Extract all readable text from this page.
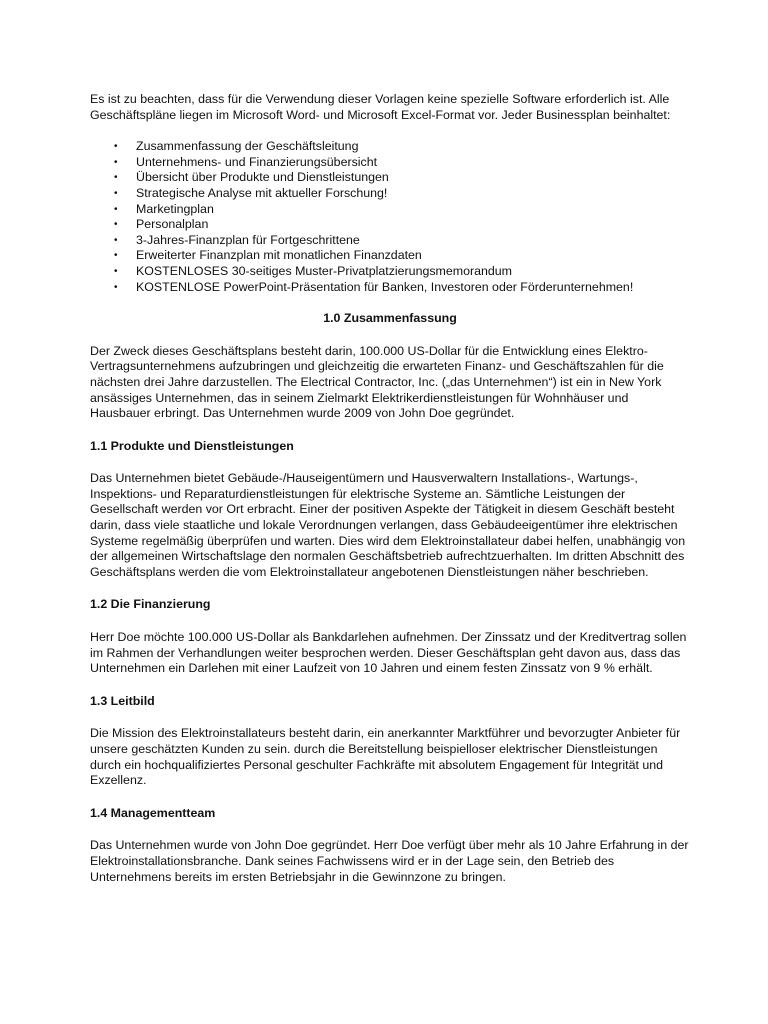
Es ist zu beachten, dass für die Verwendung dieser Vorlagen keine spezielle Software erforderlich ist. Alle Geschäftspläne liegen im Microsoft Word- und Microsoft Excel-Format vor. Jeder Businessplan beinhaltet:

• Zusammenfassung der Geschäftsleitung
• Unternehmens- und Finanzierungsübersicht
• Übersicht über Produkte und Dienstleistungen
• Strategische Analyse mit aktueller Forschung!
• Marketingplan
• Personalplan
• 3-Jahres-Finanzplan für Fortgeschrittene
• Erweiterter Finanzplan mit monatlichen Finanzdaten
• KOSTENLOSES 30-seitiges Muster-Privatplatzierungsmemorandum
• KOSTENLOSE PowerPoint-Präsentation für Banken, Investoren oder Förderunternehmen!

1.0 Zusammenfassung

Der Zweck dieses Geschäftsplans besteht darin, 100.000 US-Dollar für die Entwicklung eines Elektro-Vertragsunternehmens aufzubringen und gleichzeitig die erwarteten Finanz- und Geschäftszahlen für die nächsten drei Jahre darzustellen. The Electrical Contractor, Inc. („das Unternehmen“) ist ein in New York ansässiges Unternehmen, das in seinem Zielmarkt Elektrikerdienstleistungen für Wohnhäuser und Hausbauer erbringt. Das Unternehmen wurde 2009 von John Doe gegründet.

1.1 Produkte und Dienstleistungen

Das Unternehmen bietet Gebäude-/Hauseigentümern und Hausverwaltern Installations-, Wartungs-, Inspektions- und Reparaturdienstleistungen für elektrische Systeme an. Sämtliche Leistungen der Gesellschaft werden vor Ort erbracht. Einer der positiven Aspekte der Tätigkeit in diesem Geschäft besteht darin, dass viele staatliche und lokale Verordnungen verlangen, dass Gebäudeeigentümer ihre elektrischen Systeme regelmäßig überprüfen und warten. Dies wird dem Elektroinstallateur dabei helfen, unabhängig von der allgemeinen Wirtschaftslage den normalen Geschäftsbetrieb aufrechtzuerhalten. Im dritten Abschnitt des Geschäftsplans werden die vom Elektroinstallateur angebotenen Dienstleistungen näher beschrieben.

1.2 Die Finanzierung

Herr Doe möchte 100.000 US-Dollar als Bankdarlehen aufnehmen. Der Zinssatz und der Kreditvertrag sollen im Rahmen der Verhandlungen weiter besprochen werden. Dieser Geschäftsplan geht davon aus, dass das Unternehmen ein Darlehen mit einer Laufzeit von 10 Jahren und einem festen Zinssatz von 9 % erhält.

1.3 Leitbild

Die Mission des Elektroinstallateurs besteht darin, ein anerkannter Marktführer und bevorzugter Anbieter für unsere geschätzten Kunden zu sein. durch die Bereitstellung beispielloser elektrischer Dienstleistungen durch ein hochqualifiziertes Personal geschulter Fachkräfte mit absolutem Engagement für Integrität und Exzellenz.

1.4 Managementteam

Das Unternehmen wurde von John Doe gegründet. Herr Doe verfügt über mehr als 10 Jahre Erfahrung in der Elektroinstallationsbranche. Dank seines Fachwissens wird er in der Lage sein, den Betrieb des Unternehmens bereits im ersten Betriebsjahr in die Gewinnzone zu bringen.
